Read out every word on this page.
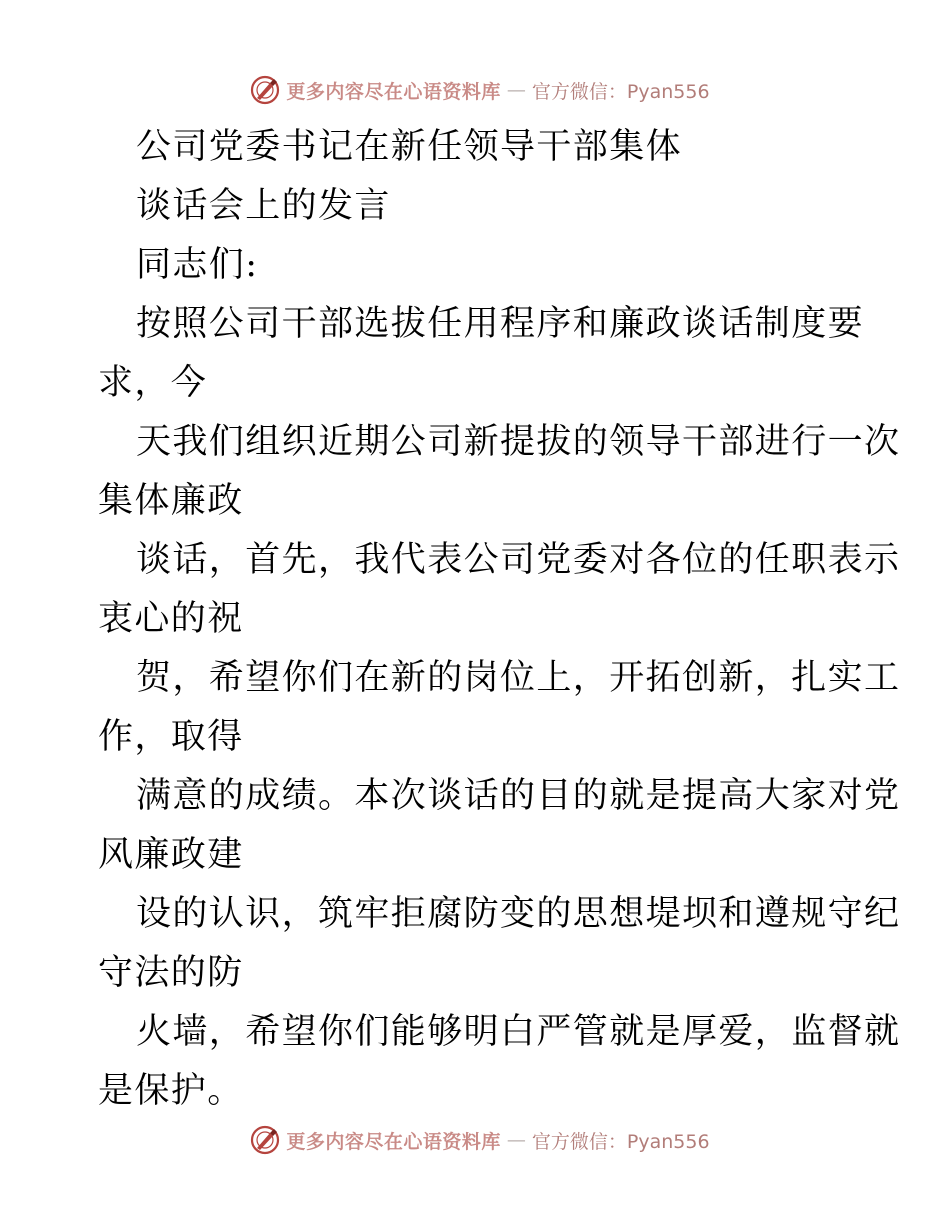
更多内容尽在心语资料库 — 官方微信：Pyan556
公司党委书记在新任领导干部集体
谈话会上的发言
同志们:
按照公司干部选拔任用程序和廉政谈话制度要
求，今
天我们组织近期公司新提拔的领导干部进行一次
集体廉政
谈话，首先，我代表公司党委对各位的任职表示
衷心的祝
贺，希望你们在新的岗位上，开拓创新，扎实工
作，取得
满意的成绩。本次谈话的目的就是提高大家对党
风廉政建
设的认识，筑牢拒腐防变的思想堤坝和遵规守纪
守法的防
火墙，希望你们能够明白严管就是厚爱，监督就
是保护。
更多内容尽在心语资料库 — 官方微信：Pyan556
